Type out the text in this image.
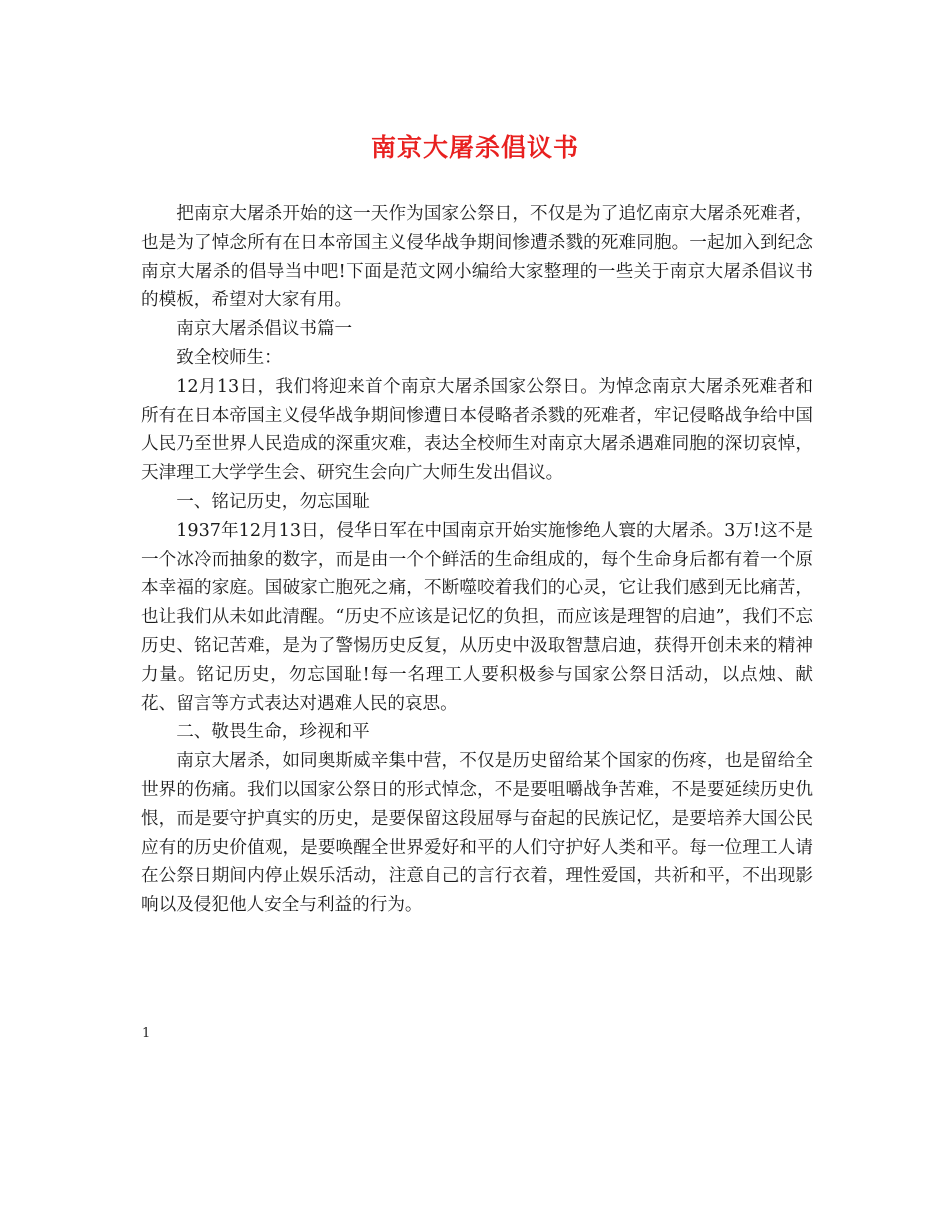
南京大屠杀倡议书

把南京大屠杀开始的这一天作为国家公祭日，不仅是为了追忆南京大屠杀死难者，也是为了悼念所有在日本帝国主义侵华战争期间惨遭杀戮的死难同胞。一起加入到纪念南京大屠杀的倡导当中吧!下面是范文网小编给大家整理的一些关于南京大屠杀倡议书的模板，希望对大家有用。

南京大屠杀倡议书篇一

致全校师生：

12月13日，我们将迎来首个南京大屠杀国家公祭日。为悼念南京大屠杀死难者和所有在日本帝国主义侵华战争期间惨遭日本侵略者杀戮的死难者，牢记侵略战争给中国人民乃至世界人民造成的深重灾难，表达全校师生对南京大屠杀遇难同胞的深切哀悼，天津理工大学学生会、研究生会向广大师生发出倡议。

一、铭记历史，勿忘国耻

1937年12月13日，侵华日军在中国南京开始实施惨绝人寰的大屠杀。3万!这不是一个冰冷而抽象的数字，而是由一个个鲜活的生命组成的，每个生命身后都有着一个原本幸福的家庭。国破家亡胞死之痛，不断噬咬着我们的心灵，它让我们感到无比痛苦，也让我们从未如此清醒。“历史不应该是记忆的负担，而应该是理智的启迪”，我们不忘历史、铭记苦难，是为了警惕历史反复，从历史中汲取智慧启迪，获得开创未来的精神力量。铭记历史，勿忘国耻!每一名理工人要积极参与国家公祭日活动，以点烛、献花、留言等方式表达对遇难人民的哀思。

二、敬畏生命，珍视和平

南京大屠杀，如同奥斯威辛集中营，不仅是历史留给某个国家的伤疼，也是留给全世界的伤痛。我们以国家公祭日的形式悼念，不是要咀嚼战争苦难，不是要延续历史仇恨，而是要守护真实的历史，是要保留这段屈辱与奋起的民族记忆，是要培养大国公民应有的历史价值观，是要唤醒全世界爱好和平的人们守护好人类和平。每一位理工人请在公祭日期间内停止娱乐活动，注意自己的言行衣着，理性爱国，共祈和平，不出现影响以及侵犯他人安全与利益的行为。

1
